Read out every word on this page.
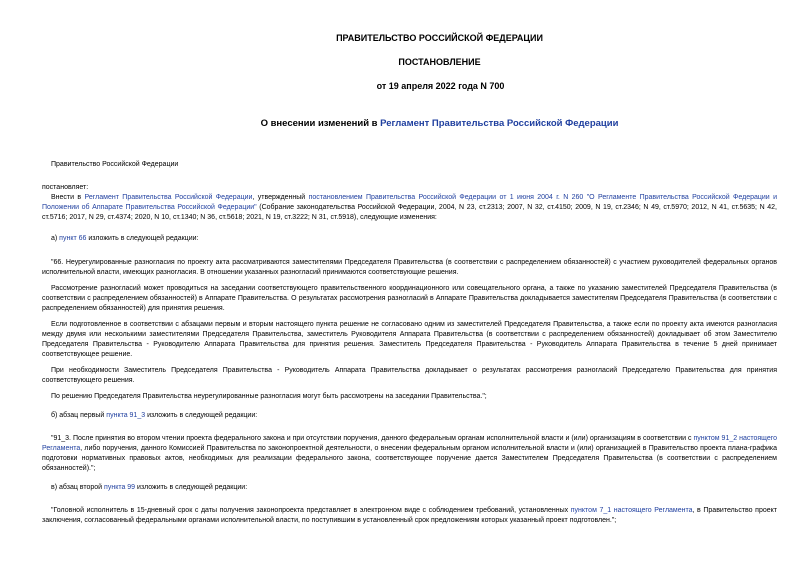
ПРАВИТЕЛЬСТВО РОССИЙСКОЙ ФЕДЕРАЦИИ
ПОСТАНОВЛЕНИЕ
от 19 апреля 2022 года N 700
О внесении изменений в Регламент Правительства Российской Федерации

Правительство Российской Федерации

постановляет:

Внести в Регламент Правительства Российской Федерации, утвержденный постановлением Правительства Российской Федерации от 1 июня 2004 г. N 260 "О Регламенте Правительства Российской Федерации и Положении об Аппарате Правительства Российской Федерации" (Собрание законодательства Российской Федерации, 2004, N 23, ст.2313; 2007, N 32, ст.4150; 2009, N 19, ст.2346; N 49, ст.5970; 2012, N 41, ст.5635; N 42, ст.5716; 2017, N 29, ст.4374; 2020, N 10, ст.1340; N 36, ст.5618; 2021, N 19, ст.3222; N 31, ст.5918), следующие изменения:

а) пункт 66 изложить в следующей редакции:

"66. Неурегулированные разногласия по проекту акта рассматриваются заместителями Председателя Правительства (в соответствии с распределением обязанностей) с участием руководителей федеральных органов исполнительной власти, имеющих разногласия. В отношении указанных разногласий принимаются соответствующие решения.

Рассмотрение разногласий может проводиться на заседании соответствующего правительственного координационного или совещательного органа, а также по указанию заместителей Председателя Правительства (в соответствии с распределением обязанностей) в Аппарате Правительства. О результатах рассмотрения разногласий в Аппарате Правительства докладывается заместителям Председателя Правительства (в соответствии с распределением обязанностей) для принятия решения.

Если подготовленное в соответствии с абзацами первым и вторым настоящего пункта решение не согласовано одним из заместителей Председателя Правительства, а также если по проекту акта имеются разногласия между двумя или несколькими заместителями Председателя Правительства, заместитель Руководителя Аппарата Правительства (в соответствии с распределением обязанностей) докладывает об этом Заместителю Председателя Правительства - Руководителю Аппарата Правительства для принятия решения. Заместитель Председателя Правительства - Руководитель Аппарата Правительства в течение 5 дней принимает соответствующее решение.

При необходимости Заместитель Председателя Правительства - Руководитель Аппарата Правительства докладывает о результатах рассмотрения разногласий Председателю Правительства для принятия соответствующего решения.

По решению Председателя Правительства неурегулированные разногласия могут быть рассмотрены на заседании Правительства.";

б) абзац первый пункта 91_3 изложить в следующей редакции:

"91_3. После принятия во втором чтении проекта федерального закона и при отсутствии поручения, данного федеральным органам исполнительной власти и (или) организациям в соответствии с пунктом 91_2 настоящего Регламента, либо поручения, данного Комиссией Правительства по законопроектной деятельности, о внесении федеральным органом исполнительной власти и (или) организацией в Правительство проекта плана-графика подготовки нормативных правовых актов, необходимых для реализации федерального закона, соответствующее поручение дается Заместителем Председателя Правительства (в соответствии с распределением обязанностей).";

в) абзац второй пункта 99 изложить в следующей редакции:

"Головной исполнитель в 15-дневный срок с даты получения законопроекта представляет в электронном виде с соблюдением требований, установленных пунктом 7_1 настоящего Регламента, в Правительство проект заключения, согласованный федеральными органами исполнительной власти, по поступившим в установленный срок предложениям которых указанный проект подготовлен.";
